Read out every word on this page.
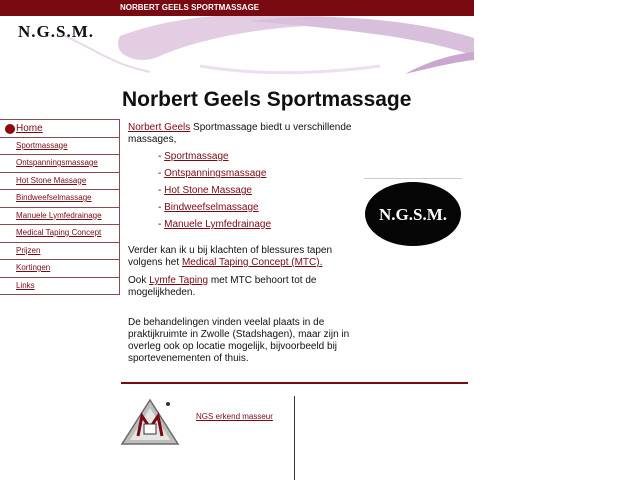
NORBERT GEELS SPORTMASSAGE
N.G.S.M.
Norbert Geels Sportmassage
Home
Sportmassage
Ontspanningsmassage
Hot Stone Massage
Bindweefselmassage
Manuele Lymfedrainage
Medical Taping Concept
Prijzen
Kortingen
Links

Norbert Geels Sportmassage biedt u verschillende massages,

- Sportmassage
- Ontspanningsmassage
- Hot Stone Massage
- Bindweefselmassage
- Manuele Lymfedrainage

Verder kan ik u bij klachten of blessures tapen volgens het Medical Taping Concept (MTC).

Ook Lymfe Taping met MTC behoort tot de mogelijkheden.

De behandelingen vinden veelal plaats in de praktijkruimte in Zwolle (Stadshagen), maar zijn in overleg ook op locatie mogelijk, bijvoorbeeld bij sportevenementen of thuis.

N.G.S.M.
NGS erkend masseur
